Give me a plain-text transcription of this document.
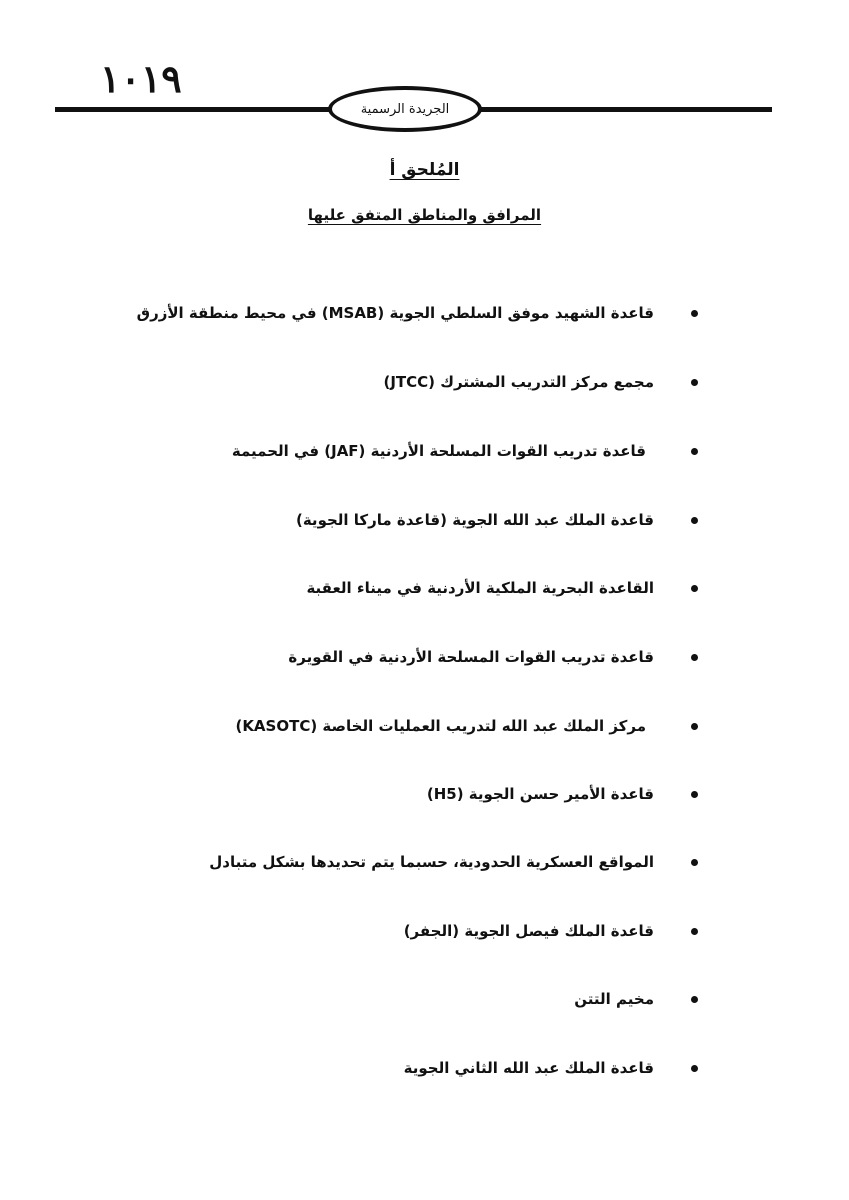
١٠١٩
الجريدة الرسمية
المُلحق أ
المرافق والمناطق المتفق عليها
قاعدة الشهيد موفق السلطي الجوية (MSAB) في محيط منطقة الأزرق
مجمع مركز التدريب المشترك (JTCC)
قاعدة تدريب القوات المسلحة الأردنية (JAF) في الحميمة
قاعدة الملك عبد الله الجوية (قاعدة ماركا الجوية)
القاعدة البحرية الملكية الأردنية في ميناء العقبة
قاعدة تدريب القوات المسلحة الأردنية في القويرة
مركز الملك عبد الله لتدريب العمليات الخاصة (KASOTC)
قاعدة الأمير حسن الجوية (H5)
المواقع العسكرية الحدودية، حسبما يتم تحديدها بشكل متبادل
قاعدة الملك فيصل الجوية (الجفر)
مخيم التتن
قاعدة الملك عبد الله الثاني الجوية
